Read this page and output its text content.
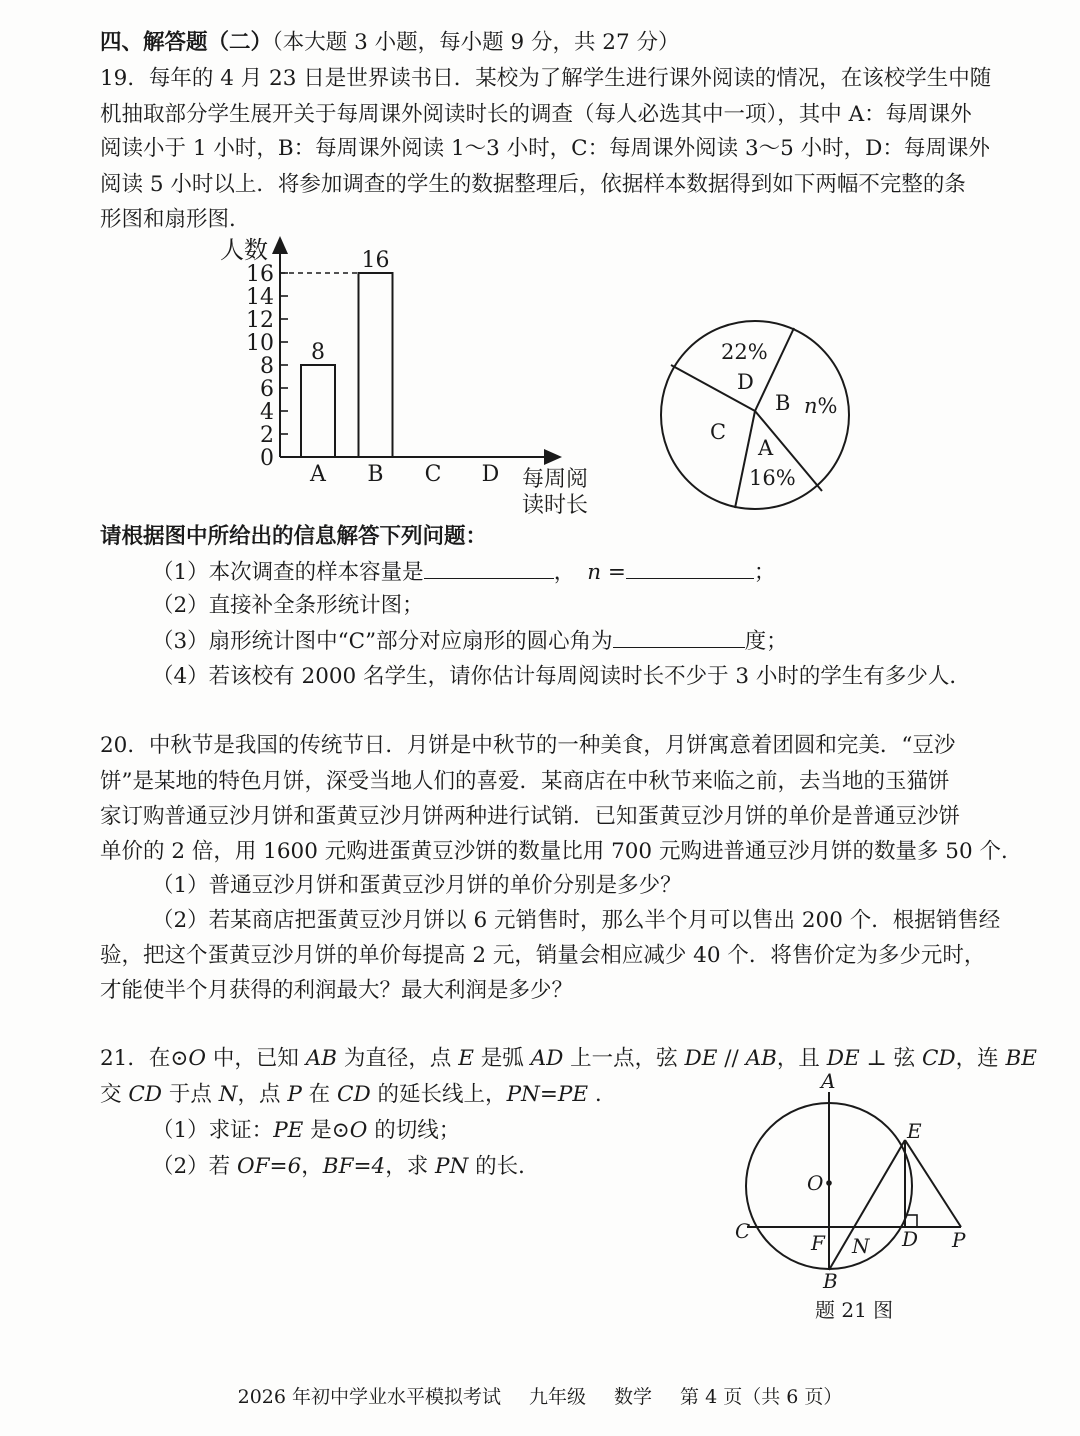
四、解答题（二）（本大题 3 小题，每小题 9 分，共 27 分）
19．每年的 4 月 23 日是世界读书日．某校为了解学生进行课外阅读的情况，在该校学生中随
机抽取部分学生展开关于每周课外阅读时长的调查（每人必选其中一项），其中 A：每周课外
阅读小于 1 小时，B：每周课外阅读 1～3 小时，C：每周课外阅读 3～5 小时，D：每周课外
阅读 5 小时以上．将参加调查的学生的数据整理后，依据样本数据得到如下两幅不完整的条
形图和扇形图．
人数
每周阅
读时长
0
2
4
6
8
10
12
14
16
8
A
16
B C D
22%
D
B n%
C
A
16%
请根据图中所给出的信息解答下列问题：
（1）本次调查的样本容量是	， n =	；
（2）直接补全条形统计图；
（3）扇形统计图中“C”部分对应扇形的圆心角为	度；
（4）若该校有 2000 名学生，请你估计每周阅读时长不少于 3 小时的学生有多少人．
20．中秋节是我国的传统节日．月饼是中秋节的一种美食，月饼寓意着团圆和完美．“豆沙
饼”是某地的特色月饼，深受当地人们的喜爱．某商店在中秋节来临之前，去当地的玉猫饼
家订购普通豆沙月饼和蛋黄豆沙月饼两种进行试销．已知蛋黄豆沙月饼的单价是普通豆沙饼
单价的 2 倍，用 1600 元购进蛋黄豆沙饼的数量比用 700 元购进普通豆沙月饼的数量多 50 个．
（1）普通豆沙月饼和蛋黄豆沙月饼的单价分别是多少？
（2）若某商店把蛋黄豆沙月饼以 6 元销售时，那么半个月可以售出 200 个．根据销售经
验，把这个蛋黄豆沙月饼的单价每提高 2 元，销量会相应减少 40 个．将售价定为多少元时，
才能使半个月获得的利润最大？最大利润是多少？
21．在⊙O 中，已知 AB 为直径，点 E 是弧 AD 上一点，弦 DE // AB，且 DE ⊥ 弦 CD，连 BE
交 CD 于点 N，点 P 在 CD 的延长线上，PN=PE .
（1）求证：PE 是⊙O 的切线；
（2）若 OF=6，BF=4，求 PN 的长．
A
E
O
C	F N D P
B
题 21 图
2026 年初中学业水平模拟考试 九年级 数学 第 4 页（共 6 页）
